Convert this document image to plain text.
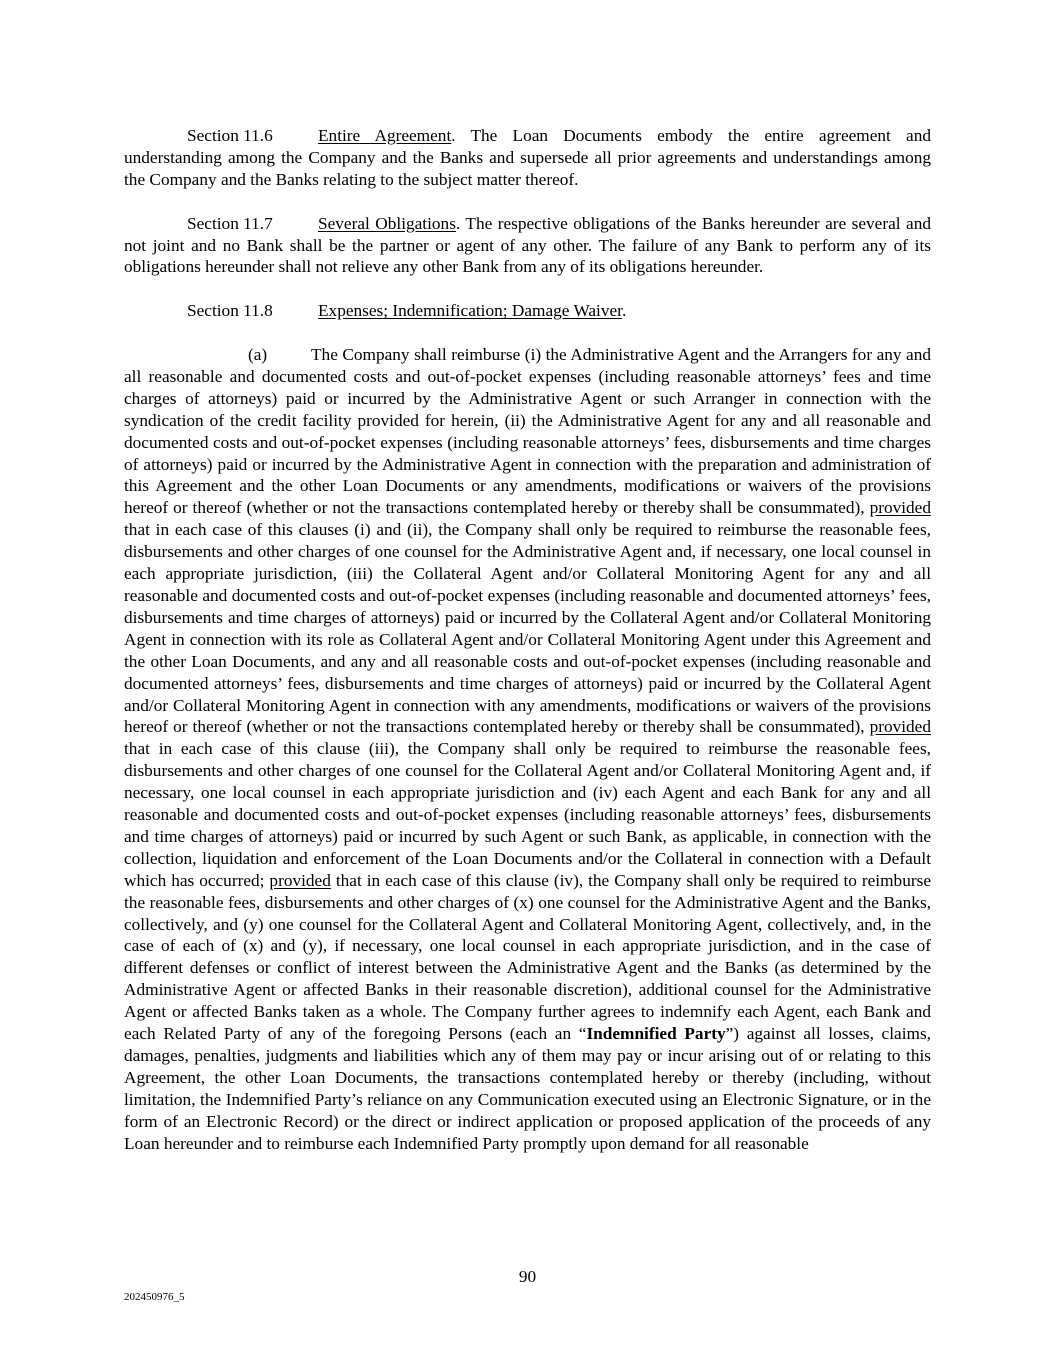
Section 11.6	Entire Agreement. The Loan Documents embody the entire agreement and understanding among the Company and the Banks and supersede all prior agreements and understandings among the Company and the Banks relating to the subject matter thereof.

Section 11.7	Several Obligations. The respective obligations of the Banks hereunder are several and not joint and no Bank shall be the partner or agent of any other. The failure of any Bank to perform any of its obligations hereunder shall not relieve any other Bank from any of its obligations hereunder.

Section 11.8	Expenses; Indemnification; Damage Waiver.

(a)	The Company shall reimburse (i) the Administrative Agent and the Arrangers for any and all reasonable and documented costs and out-of-pocket expenses (including reasonable attorneys’ fees and time charges of attorneys) paid or incurred by the Administrative Agent or such Arranger in connection with the syndication of the credit facility provided for herein, (ii) the Administrative Agent for any and all reasonable and documented costs and out-of-pocket expenses (including reasonable attorneys’ fees, disbursements and time charges of attorneys) paid or incurred by the Administrative Agent in connection with the preparation and administration of this Agreement and the other Loan Documents or any amendments, modifications or waivers of the provisions hereof or thereof (whether or not the transactions contemplated hereby or thereby shall be consummated), provided that in each case of this clauses (i) and (ii), the Company shall only be required to reimburse the reasonable fees, disbursements and other charges of one counsel for the Administrative Agent and, if necessary, one local counsel in each appropriate jurisdiction, (iii) the Collateral Agent and/or Collateral Monitoring Agent for any and all reasonable and documented costs and out-of-pocket expenses (including reasonable and documented attorneys’ fees, disbursements and time charges of attorneys) paid or incurred by the Collateral Agent and/or Collateral Monitoring Agent in connection with its role as Collateral Agent and/or Collateral Monitoring Agent under this Agreement and the other Loan Documents, and any and all reasonable costs and out-of-pocket expenses (including reasonable and documented attorneys’ fees, disbursements and time charges of attorneys) paid or incurred by the Collateral Agent and/or Collateral Monitoring Agent in connection with any amendments, modifications or waivers of the provisions hereof or thereof (whether or not the transactions contemplated hereby or thereby shall be consummated), provided that in each case of this clause (iii), the Company shall only be required to reimburse the reasonable fees, disbursements and other charges of one counsel for the Collateral Agent and/or Collateral Monitoring Agent and, if necessary, one local counsel in each appropriate jurisdiction and (iv) each Agent and each Bank for any and all reasonable and documented costs and out-of-pocket expenses (including reasonable attorneys’ fees, disbursements and time charges of attorneys) paid or incurred by such Agent or such Bank, as applicable, in connection with the collection, liquidation and enforcement of the Loan Documents and/or the Collateral in connection with a Default which has occurred; provided that in each case of this clause (iv), the Company shall only be required to reimburse the reasonable fees, disbursements and other charges of (x) one counsel for the Administrative Agent and the Banks, collectively, and (y) one counsel for the Collateral Agent and Collateral Monitoring Agent, collectively, and, in the case of each of (x) and (y), if necessary, one local counsel in each appropriate jurisdiction, and in the case of different defenses or conflict of interest between the Administrative Agent and the Banks (as determined by the Administrative Agent or affected Banks in their reasonable discretion), additional counsel for the Administrative Agent or affected Banks taken as a whole. The Company further agrees to indemnify each Agent, each Bank and each Related Party of any of the foregoing Persons (each an “Indemnified Party”) against all losses, claims, damages, penalties, judgments and liabilities which any of them may pay or incur arising out of or relating to this Agreement, the other Loan Documents, the transactions contemplated hereby or thereby (including, without limitation, the Indemnified Party’s reliance on any Communication executed using an Electronic Signature, or in the form of an Electronic Record) or the direct or indirect application or proposed application of the proceeds of any Loan hereunder and to reimburse each Indemnified Party promptly upon demand for all reasonable

90
202450976_5
